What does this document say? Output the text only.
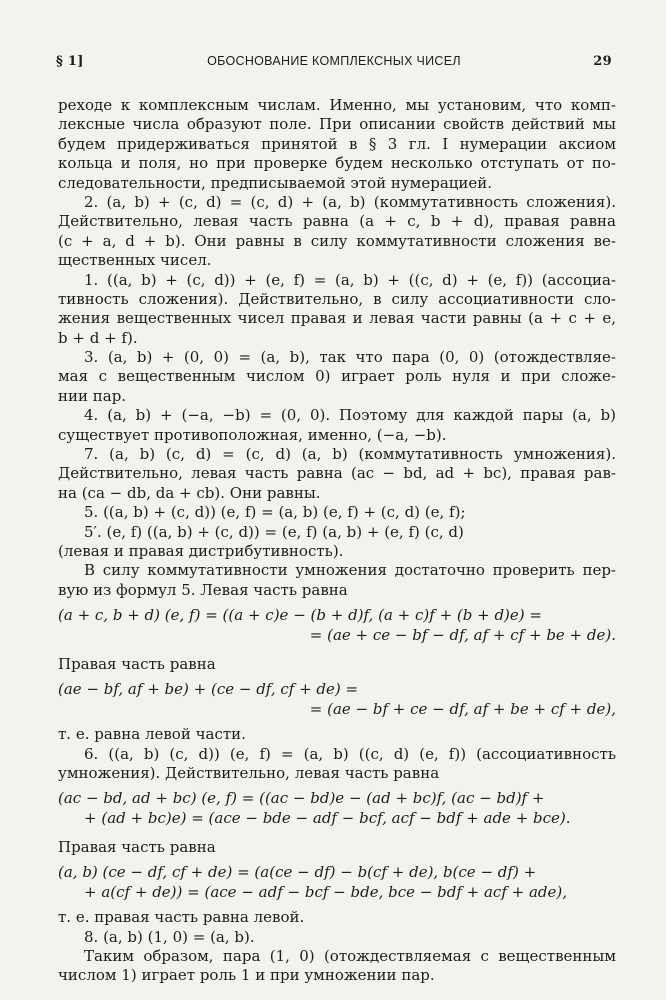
§ 1]	ОБОСНОВАНИЕ КОМПЛЕКСНЫХ ЧИСЕЛ	29
реходе к комплексным числам. Именно, мы установим, что комп-
лексные числа образуют поле. При описании свойств действий мы
будем придерживаться принятой в § 3 гл. I нумерации аксиом
кольца и поля, но при проверке будем несколько отступать от по-
следовательности, предписываемой этой нумерацией.
2. (a, b) + (c, d) = (c, d) + (a, b) (коммутативность сложения).
Действительно, левая часть равна (a + c, b + d), правая равна
(c + a, d + b). Они равны в силу коммутативности сложения ве-
щественных чисел.
1. ((a, b) + (c, d)) + (e, f) = (a, b) + ((c, d) + (e, f)) (ассоциа-
тивность сложения). Действительно, в силу ассоциативности сло-
жения вещественных чисел правая и левая части равны (a + c + e,
b + d + f).
3. (a, b) + (0, 0) = (a, b), так что пара (0, 0) (отождествляе-
мая с вещественным числом 0) играет роль нуля и при сложе-
нии пар.
4. (a, b) + (−a, −b) = (0, 0). Поэтому для каждой пары (a, b)
существует противоположная, именно, (−a, −b).
7. (a, b) (c, d) = (c, d) (a, b) (коммутативность умножения).
Действительно, левая часть равна (ac − bd, ad + bc), правая рав-
на (ca − db, da + cb). Они равны.
5. ((a, b) + (c, d)) (e, f) = (a, b) (e, f) + (c, d) (e, f);
5′. (e, f) ((a, b) + (c, d)) = (e, f) (a, b) + (e, f) (c, d)
(левая и правая дистрибутивность).
В силу коммутативности умножения достаточно проверить пер-
вую из формул 5. Левая часть равна
(a + c, b + d) (e, f) = ((a + c)e − (b + d)f, (a + c)f + (b + d)e) =
= (ae + ce − bf − df, af + cf + be + de).
Правая часть равна
(ae − bf, af + be) + (ce − df, cf + de) =
= (ae − bf + ce − df, af + be + cf + de),
т. е. равна левой части.
6. ((a, b) (c, d)) (e, f) = (a, b) ((c, d) (e, f)) (ассоциативность
умножения). Действительно, левая часть равна
(ac − bd, ad + bc) (e, f) = ((ac − bd)e − (ad + bc)f, (ac − bd)f +
+ (ad + bc)e) = (ace − bde − adf − bcf, acf − bdf + ade + bce).
Правая часть равна
(a, b) (ce − df, cf + de) = (a(ce − df) − b(cf + de), b(ce − df) +
+ a(cf + de)) = (ace − adf − bcf − bde, bce − bdf + acf + ade),
т. е. правая часть равна левой.
8. (a, b) (1, 0) = (a, b).
Таким образом, пара (1, 0) (отождествляемая с вещественным
числом 1) играет роль 1 и при умножении пар.
